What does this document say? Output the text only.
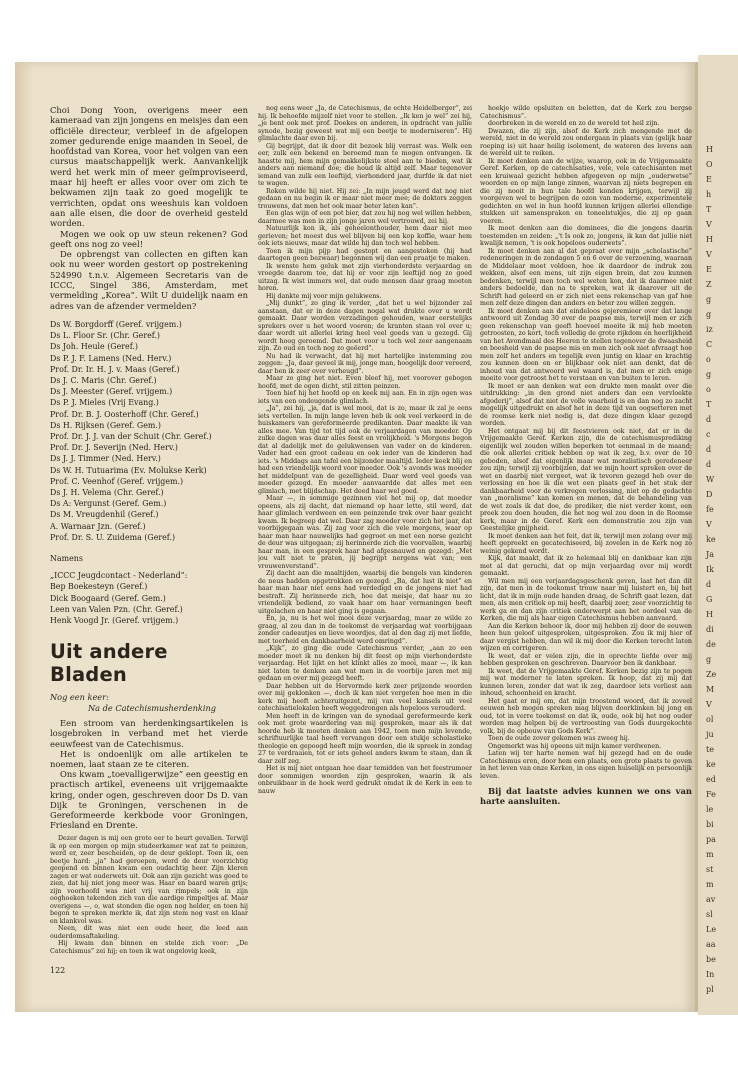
H
O
E
h
T
V
H
V
E
Z
g
g
iz
C
o
g
o
T
d
c
d
d
W
D
fe
V
ke
Ja
Ik
d
G
H
di
de
g
Ze
M
V
ol
ju
te
ke
ed
Fe
le
bi
pa
m
st
m
av
sl
Le
aa
be
In
pl

Choi Dong Yoon, overigens meer een kameraad van zijn jongens en meisjes dan een officiële directeur, verbleef in de afgelopen zomer gedurende enige maanden in Seoel, de hoofdstad van Korea, voor het volgen van een cursus maatschappelijk werk. Aanvankelijk werd het werk min of meer geïmproviseerd, maar hij heeft er alles voor over om zich te bekwamen zijn taak zo goed mogelijk te verrichten, opdat ons weeshuis kan voldoen aan alle eisen, die door de overheid gesteld worden.

Mogen we ook op uw steun rekenen? God geeft ons nog zo veel!

De opbrengst van collecten en giften kan ook nu weer worden gestort op postrekening 524990 t.n.v. Algemeen Secretaris van de ICCC, Singel 386, Amsterdam, met vermelding „Korea”. Wilt U duidelijk naam en adres van de afzender vermelden?

Ds W. Borgdorff (Geref. vrijgem.)
Ds L. Floor Sr. (Chr. Geref.)
Ds Joh. Heule (Geref.)
Ds P. J. F. Lamens (Ned. Herv.)
Prof. Dr. Ir. H. J. v. Maas (Geref.)
Ds J. C. Maris (Chr. Geref.)
Ds J. Meester (Geref. vrijgem.)
Ds P. J. Mieles (Vrij Evang.)
Prof. Dr. B. J. Oosterhoff (Chr. Geref.)
Ds H. Rijksen (Geref. Gem.)
Prof. Dr. J. J. van der Schuit (Chr. Geref.)
Prof. Dr. J. Severijn (Ned. Herv.)
Ds J. J. Timmer (Ned. Herv.)
Ds W. H. Tutuarima (Ev. Molukse Kerk)
Prof. C. Veenhof (Geref. vrijgem.)
Ds J. H. Velema (Chr. Geref.)
Ds A: Vergunst (Geref. Gem.)
Ds M. Vreugdenhil (Geref.)
A. Warnaar Jzn. (Geref.)
Prof. Dr. S. U. Zuidema (Geref.)

Namens

„ICCC Jeugdcontact - Nederland”:

Bep Boekesteyn (Geref.)

Dick Boogaard (Geref. Gem.)

Leen van Valen Pzn. (Chr. Geref.)

Henk Voogd Jr. (Geref. vrijgem.)

Uit andere Bladen

Nog een keer:

Na de Catechismusherdenking

Een stroom van herdenkingsartikelen is losgebroken in verband met het vierde eeuwfeest van de Catechismus.

Het is ondoenlijk om alle artikelen te noemen, laat staan ze te citeren.

Ons kwam „toevalligerwijze” een geestig en practisch artikel, eveneens uit vrijgemaakte kring, onder ogen, geschreven door Ds D. van Dijk te Groningen, verschenen in de Gereformeerde kerkbode voor Groningen, Friesland en Drente.

Dezer dagen is mij een grote eer te beurt gevallen. Terwijl ik op een morgen op mijn studeerkamer wat zat te peinzen, werd er, zeer bescheiden, op de deur geklopt. Toen ik, een beetje hard: „ja” had geroepen, werd de deur voorzichtig geopend en binnen kwam een oudachtig heer. Zijn kleren zagen er wat ouderwets uit. Ook aan zijn gezicht was goed te zien, dat hij niet jong meer was. Haar en baard waren grijs; zijn voorhoofd was niet vrij van rimpels; ook in zijn ooghoeken tekenden zich van die aardige rimpeltjes af. Maar overigens —, o, wat stonden die ogen nog helder, en toen hij begon te spreken merkte ik, dat zijn stem nog vast en klaar en klankvol was.

Neen, dit was niet een oude heer, die leed aan ouderdomsaftakeling.

Hij kwam dan binnen en stelde zich voor: „De Catechismus” zei hij; en toen ik wat ongelovig keek,

nog eens weer „Ja, de Catechismus, de echte Heidelberger”, zei hij. Ik behoefde mijzelf niet voor te stellen. „Ik ken je wel” zei hij, „je bent ook met prof. Doekes en anderen, in opdracht van jullie synode, bezig geweest wat mij een beetje te moderniseren”. Hij glimlachte daar even bij.

Gij begrijpt, dat ik door dit bezoek blij verrast was. Welk een eer, zulk een bekend en beroemd man te mogen ontvangen. Ik haastte mij, hem mijn gemakkelijkste stoel aan te bieden, wat ik anders aan niemand doe; die houd ik altijd zelf. Maar tegenover iemand van zulk een leeftijd, vierhonderd jaar, durfde ik dat niet te wagen.

Roken wilde hij niet. Hij zei: „In mijn jeugd werd dat nog niet gedaan en nu begin ik er maar niet meer mee; de doktors zeggen trouwens, dat men het ook maar beter laten kan”.

Een glas wijn of een pot bier, dat zou hij nog wel willen hebben, daarmee was men in zijn jonge jaren wel vertrouwd, zei hij.

Natuurlijk kon ik, als geheelonthouder, hem daar niet mee gerieven; het moest dus wel blijven bij een kop koffie, waar hem ook iets nieuws, maar dat wilde hij dan toch wel hebben.

Toen ik mijn pijp had gestopt en aangestoken (hij had daartegen geen bezwaar) begonnen wij dan een praatje te maken.

Ik wenste hem geluk met zijn vierhonderdste verjaardag en vroegde daarom toe, dat hij er voor zijn leeftijd nog zo goed uitzag. Ik wist immers wel, dat oude mensen daar graag moeten horen.

Hij dankte mij voor mijn gelukwens.

„Mij dunkt”, zo ging ik verder, „dat het u wel bijzonder zal aanstaan, dat er in deze dagen nogal wat drukte over u wordt gemaakt. Daar worden verzadingen gehouden, waar eerstelijks sprekers over u het woord voeren; de kranten staan vol over u; daar wordt uit allerlei kring heel veel goeds van u gezegd. Gij wordt hoog geroemd. Dat moet voor u toch wel zeer aangenaam zijn. Zo oud en toch nog zo geëerd”.

Nu had ik verwacht, dat hij met hartelijke instemming zou zeggen: „Ja, daar geveel ik mij, jonge man, hoogelijk door vereerd, daar ben ik zeer over verheugd”.

Maar zo ging het niet. Even bleef hij, met voorover gebogen hoofd, met de ogen dicht, stil zitten peinzen.

Toen hief hij het hoofd op en keek mij aan. En in zijn ogen was iets van een ondeugende glimlach.

„Ja”, zei hij, „ja, dat is wel mooi, dat is zo, maar ik zal je eens iets vertellen. In mijn lange leven heb ik ook veel verkeerd in de huiskamers van gereformeerde predikanten. Daar maakte ik van alles mee. Van tijd tot tijd ook de verjaardagen van moeder. Op zulke dagen was daar alles feest en vrolijkheid. 's Morgens begon dat al dadelijk met de gelukwensen van vader en de kinderen. Vader had een groot cadeau en ook ieder van de kinderen had iets. 's Middags aan tafel een bijzonder maaltijd. Ieder keek blij en had een vriendelijk woord voor moeder. Ook 's avonds was moeder het middelpunt van de gezelligheid. Daar werd veel goeds van moeder gezegd. En moeder aanvaardde dat alles met een glimlach, met blijdschap. Het deed haar wel goed.

Maar —, in sommige gezinnen viel het mij op, dat moeder opeens, als zij dacht, dat niemand op haar lette, stil werd, dat haar glimlach verdween en een peinzende trek over haar gezicht kwam. Ik begreep dat wel. Daar zag moeder voor zich het jaar, dat voorbijgegaan was. Zij zag voor zich die vele morgens, waar op haar man haar nauwelijks had gegroet en met een norse gezicht de deur was uitgegaan; zij herinnerde zich die voorvallen, waarbij haar man, in een gesprek haar had afgesnauwd en gezegd: „Met jou valt niet te praten, jij begrijpt nergens wat van; een vrouwenverstand”.

Zij dacht aan die maaltijden, waarbij die bengels van kinderen de neus hadden opgetrokken en gezegd: „Ba, dat lust ik niet” en haar man haar niet eens had verdedigd en de jongens niet had bestraft. Zij herinnerde zich, hoe dat meisje, dat haar nu zo vriendelijk bediend, zo vaak haar om haar vermaningen heeft uitgelachen en haar niet ging is gegaan.

En, ja, nu is het wel mooi deze verjaardag, maar ze wilde zo graag, al zou dan in de toekomst de verjaardag wat voorbijgaan zonder cadeautjes en lieve woordjes, dat al den dag zij met liefde, met teerheid en dankbaarheid werd omringd”.

„Kijk”, zo ging die oude Catechismus verder, „aan zo een moeder moet ik nu denken bij dit feest op mijn vierhonderdste verjaardag. Het lijkt en het klinkt alles zo mooi, maar —, ik kan niet laten te denken aan wat men in de voorbije jaren met mij gedaan en over mij gezegd heeft.

Daar hebben uit de Hervormde kerk zeer prijzende woorden over mij geklonken —, doch ik kan niet vergeten hoe men in die kerk mij heeft achteruitgezet, mij van veel kansels uit veel catechisatielokalen heeft weggedrongen als hopeloos verouderd.

Men heeft in de kringen van de synodaal gereformeerde kerk ook met grote waardering van mij gesproken, maar als ik dat hoorde heb ik moeten denken aan 1942, toen men mijn levende, schriftuurlijke taal heeft vervangen door een stukje scholastieke theologie en gepoogd heeft mijn woorden, die ik spreek in zondag 27 te verdraaien, tot er iets geheel anders kwam te staan, dan ik daar zelf zeg.

Het is mij niet ontgaan hoe daar temidden van het feestrumoer door sommigen woorden zijn gesproken, waarin ik als onbruikbaar in de hoek werd gedrukt omdat ik de Kerk in een te nauw

hoekje wilde opsluiten en beletten, dat de Kerk zou bergse Catechismus”.

doorbreken in de wereld en zo de wereld tot heil zijn.

Dwazen, die zij zijn, alsof de Kerk zich mengende met de wereld, niet in de wereld zou ondergaan in plaats van (gelijk haar roeping is) uit haar heilig isolement, de wateren des levens aan de wereld uit te reiken.

Ik moet denken aan de wijze, waarop, ook in de Vrijgemaakte Geref. Kerken, op de catechisaties, vele, vele catechisanten met een kruiwaal gezicht hebben afgegeven op mijn „ouderwetse” woorden en op mijn lange zinnen, waarvan zij niets begrepen en die zij nooit in hun tale hoofd konden krijgen, terwijl zij voorgeven wel te begrijpen de ozon van moderne, experimentele gedichten en wel in hun hoofd kunnen krijgen allerlei ellendige stukken uit samenspraken en toneelstukjes, die zij op gaan voeren.

Ik moet denken aan die dominees, die die jongens daarin toestemden en zeiden: „'t Is ook zo, jongens, ik kan dat jullie niet kwalijk nemen, 't is ook hopeloos ouderwets”.

Ik moet denken aan al dat gepraat over mijn „scholastische” redeneringen in de zondagen 5 en 6 over de verzoening, waaraan de Middelaar moet voldoen, hoe ik daardoor de indruk zou wekken, alsof een mens, uit zijn eigen brein, dat zou kunnen bedenken, terwijl men toch wel weten kon, dat ik daarmee niet anders bedoelde, dan na te spreken, wat ik daarover uit de Schrift had geleerd en er zich niet eens rekenschap van gaf hoe men zelf deze dingen dan anders en beter zou willen zeggen.

Ik moet denken aan dat eindeloos gejeremieer over dat lange antwoord uit Zondag 30 over de paapse mis, terwijl men er zich geen rekenschap van geeft hoeveel moeite ik mij heb moeten getroosten, zo kort, toch volledig de grote rijkdom en heerlijkheid van het Avondmaal des Heeren te stellen tegenover de dwaasheid en boosheid van de paapse mis en men zich ook niet afvraagt hoe men zelf het anders en tegelijk even juntig en klaar en krachtig zou kunnen doen en er blijkbaar ook niet aan denkt, dat de inhoud van dat antwoord wel waard is, dat men er zich enige moeite voor getroost het te verstaan en van buiten te leren.

Ik moet er aan denken wat een drukte men maakt over die uitdrukking: „in den grond niet anders dan een vervloekte afgoderij”, alsof dat niet de volle waarheid is en dan nog zo zacht mogelijk uitgedrukt en alsof het in deze tijd van oogsetteren met de roomse kerk niet nodig is, dat deze dingen klaar gezegd worden.

Het ontgaat mij bij dit feestvieren ook niet, dat er in de Vrijgemaakte Geref. Kerken zijn, die de catechismusprediking eigenlijk wel zouden willen beperken tot eenmaal in de maand; die ook allerlei critiek hebben op wat ik zeg, b.v. over de 10 geboden, alsof dat eigenlijk maar wat moralistisch geredeneer zou zijn; terwijl zij voorbijzien, dat we mijn hoort spreken over de wet en daarbij niet vergeet, wat ik tevoren gezegd heb over de verlossing en hoe ik die wet een plaats geef in het stuk der dankbaarheid voor de verkregen verlossing, niet op de gedachte van „moralisme” kan komen en menen, dat de behandeling van de wet zoals ik dat doe, de prediker, die niet verder komt, een preek zou doen houden, die het nog wel zou doen in de Roomse kerk, maar in de Geref. Kerk een demonstratie zou zijn van Geestelijke gnijpheid.

Ik moet denken aan het feit, dat ik, terwijl men zolang over mij heeft gepreekt en gecatechiseerd, bij zovelen in de Kerk nog zo weinig gekend wordt.

Kijk, dat maakt, dat ik zo helemaal blij en dankbaar kan zijn met al dat geruchi, dat op mijn verjaardag over mij wordt gemaakt.

Wil men mij een verjaardagsgeschenk geven, laat het dan dit zijn, dat men in de toekomst trouw naar mij luistert en, bij het licht, dat ik in mijn oude handen draag, de Schrift gaat lezen, dat men, als men critiek op mij heeft, daarbij zeer, zeer voorzichtig te werk ga en dan zijn critiek onderwerpt aan het oordeel van de Kerken, die mij als haar eigen Catechismus hebben aanvaard.

Aan die Kerken behoor ik, door mij hebben zij door de eeuwen heen hun geloof uitgesproken, uitgesproken. Zou ik mij hier of daar vergist hebben, dan wil ik mij door die Kerken terecht laten wijzen en corrigeren.

Ik weet, dat er velen zijn, die in oprechte liefde over mij hebben gesproken en geschreven. Daarvoor ben ik dankbaar.

Ik weet, dat de Vrijgemaakte Geref. Kerken bezig zijn te pogen mij wat moderner te laten spreken. Ik hoop, dat zij mij dat kunnen leren, zonder dat wat ik zeg, daardoor iets verliest aan inhoud, schoonheid en kracht.

Het gaat er mij om, dat mijn troostend woord, dat ik zoveel eeuwen heb mogen spreken mag blijven doorklinken bij jong en oud, tot in verre toekomst en dat ik, oude, ook bij het nog ouder worden mag helpen bij de vertroosting van Gods duurgekochte volk, bij de opbouw van Gods Kerk”.

Toen de oude zover gekomen was zweeg hij.

Ongemerkt was hij opeens uit mijn kamer verdwenen.

Laten wij ter harte nemen wat hij gezegd had en de oude Catechismus eren, door hem een plaats, een grote plaats te geven in het leven van onze Kerken, in ons eigen huiselijk en persoonlijk leven.

Bij dat laatste advies kunnen we ons van harte aansluiten.
122
